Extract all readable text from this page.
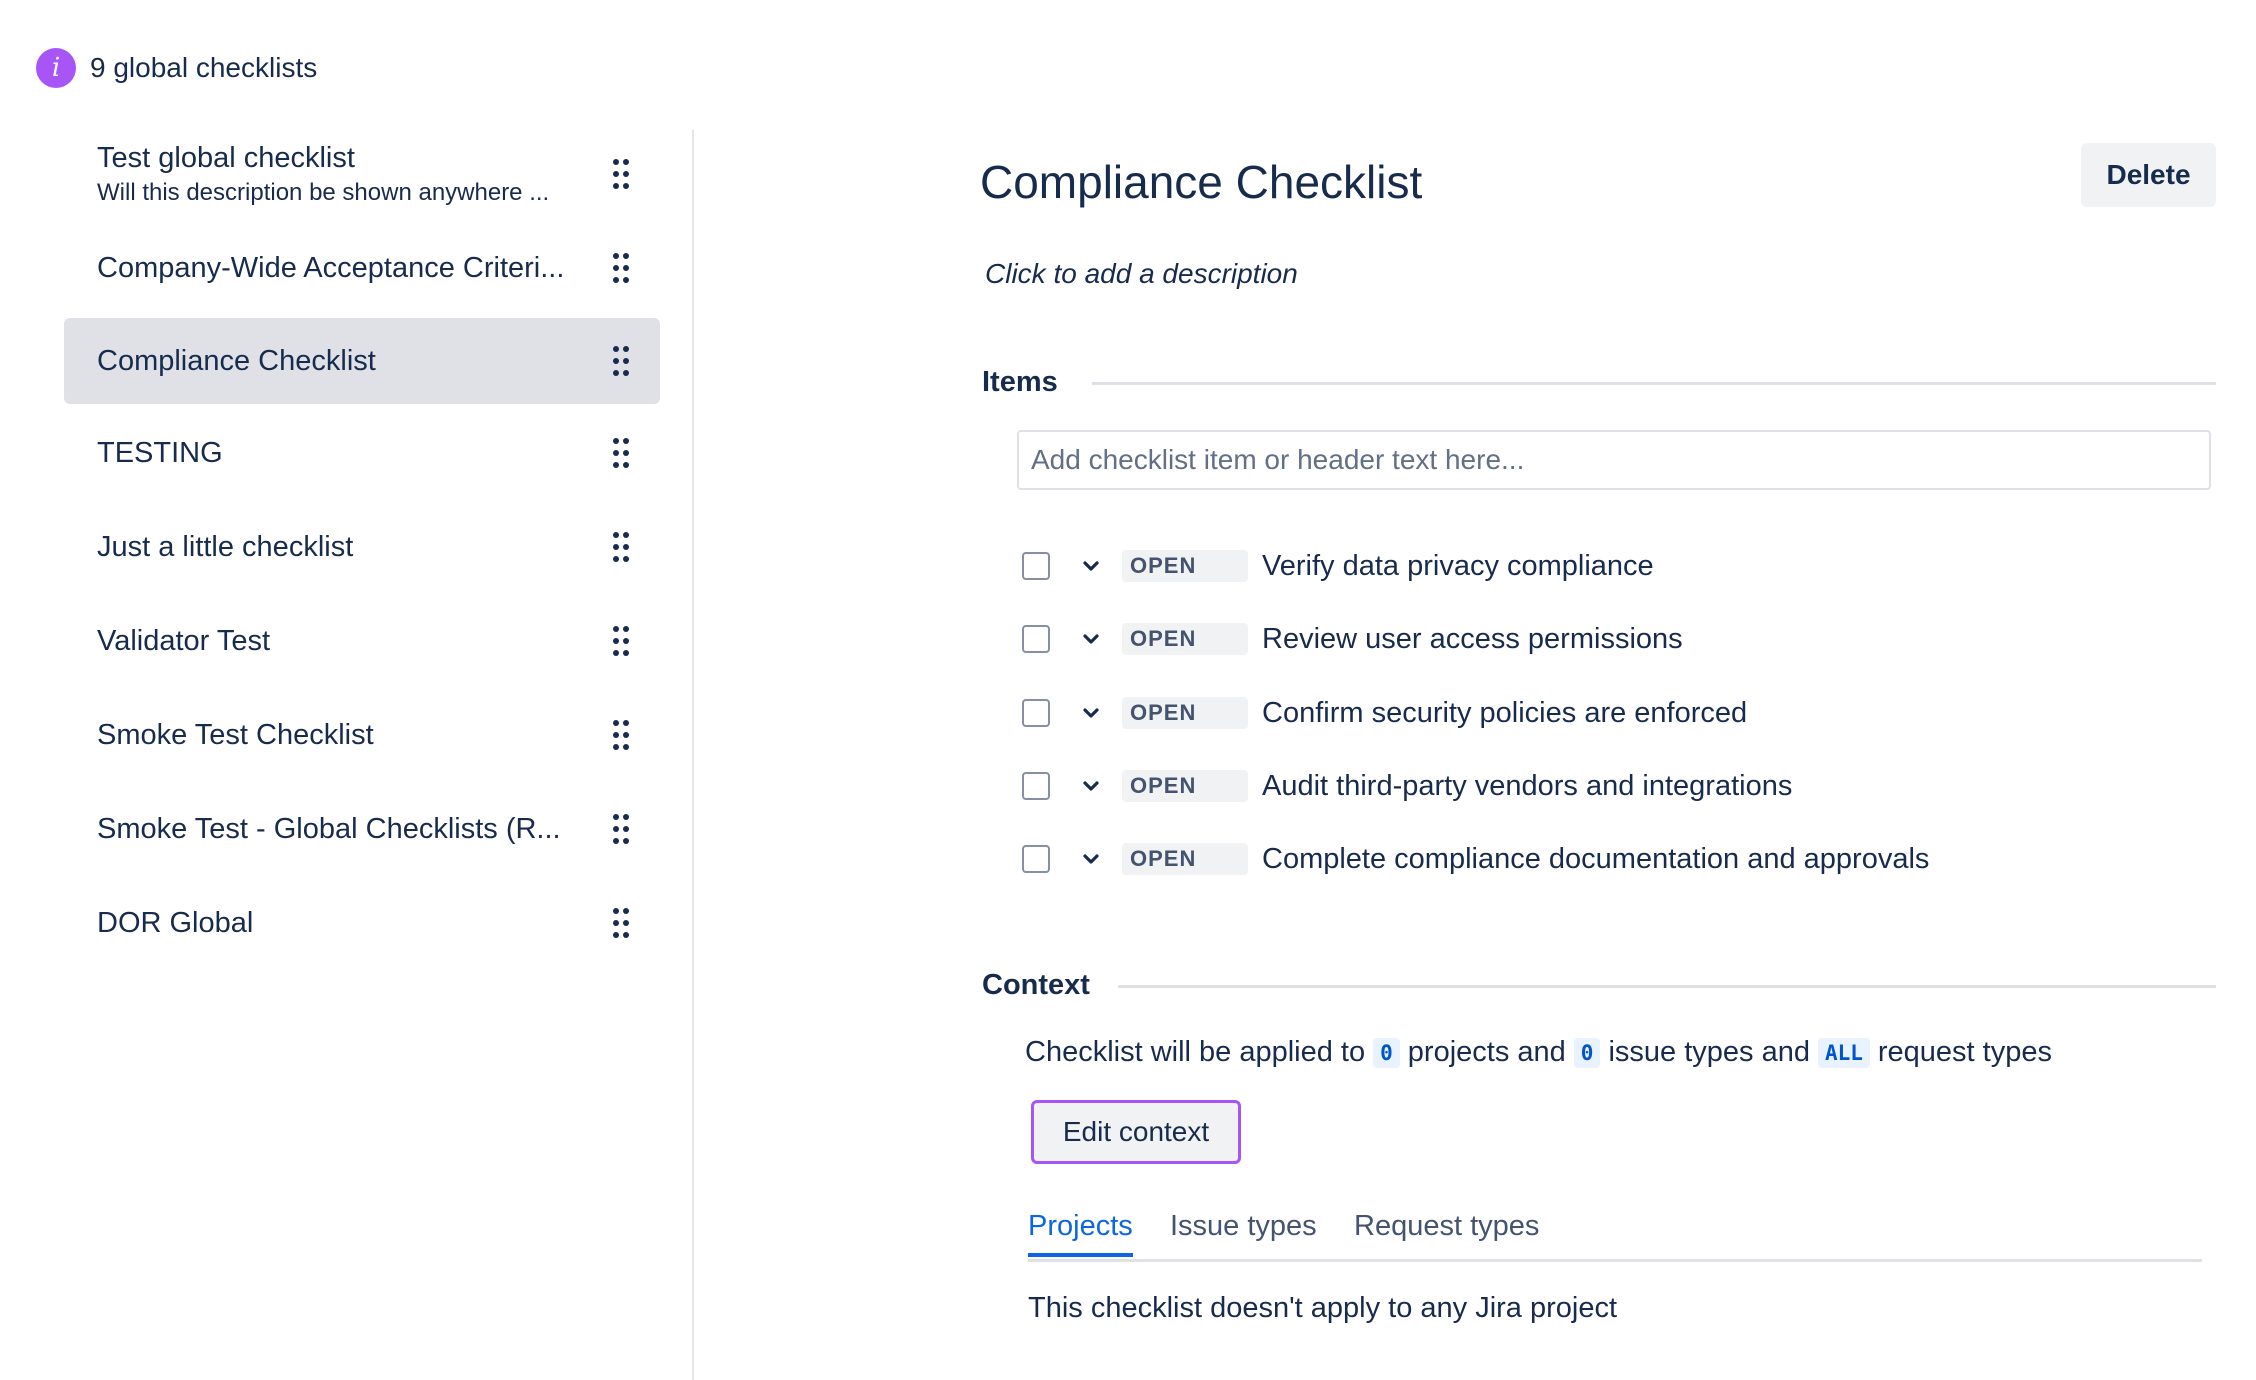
i	9 global checklists
Test global checklist
Will this description be shown anywhere ...
Company-Wide Acceptance Criteri...
Compliance Checklist
TESTING
Just a little checklist
Validator Test
Smoke Test Checklist
Smoke Test - Global Checklists (R...
DOR Global
Compliance Checklist	Delete
Click to add a description
Items
Add checklist item or header text here...
OPEN	Verify data privacy compliance
OPEN	Review user access permissions
OPEN	Confirm security policies are enforced
OPEN	Audit third-party vendors and integrations
OPEN	Complete compliance documentation and approvals
Context
Checklist will be applied to 0 projects and 0 issue types and ALL request types
Edit context
Projects Issue types Request types
This checklist doesn't apply to any Jira project
